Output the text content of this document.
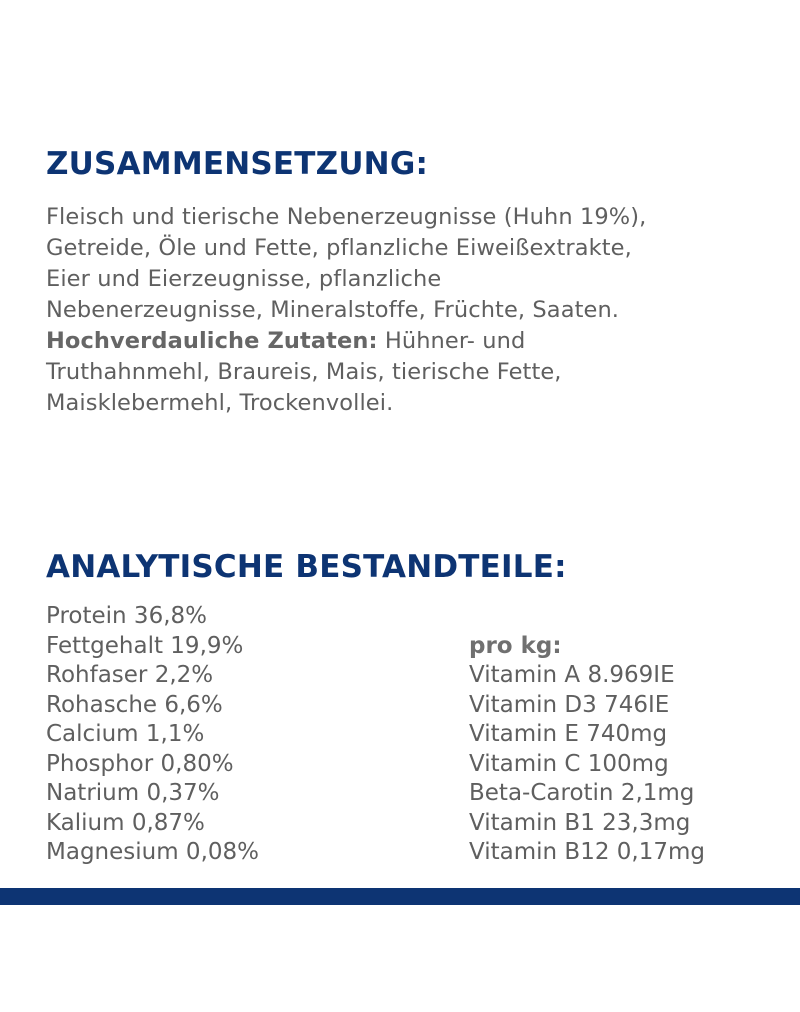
ZUSAMMENSETZUNG:
Fleisch und tierische Nebenerzeugnisse (Huhn 19%),
Getreide, Öle und Fette, pflanzliche Eiweißextrakte,
Eier und Eierzeugnisse, pflanzliche
Nebenerzeugnisse, Mineralstoffe, Früchte, Saaten.
Hochverdauliche Zutaten: Hühner- und
Truthahnmehl, Braureis, Mais, tierische Fette,
Maisklebermehl, Trockenvollei.
ANALYTISCHE BESTANDTEILE:
Protein 36,8%
Fettgehalt 19,9%
Rohfaser 2,2%
Rohasche 6,6%
Calcium 1,1%
Phosphor 0,80%
Natrium 0,37%
Kalium 0,87%
Magnesium 0,08%

pro kg:
Vitamin A 8.969IE
Vitamin D3 746IE
Vitamin E 740mg
Vitamin C 100mg
Beta-Carotin 2,1mg
Vitamin B1 23,3mg
Vitamin B12 0,17mg
